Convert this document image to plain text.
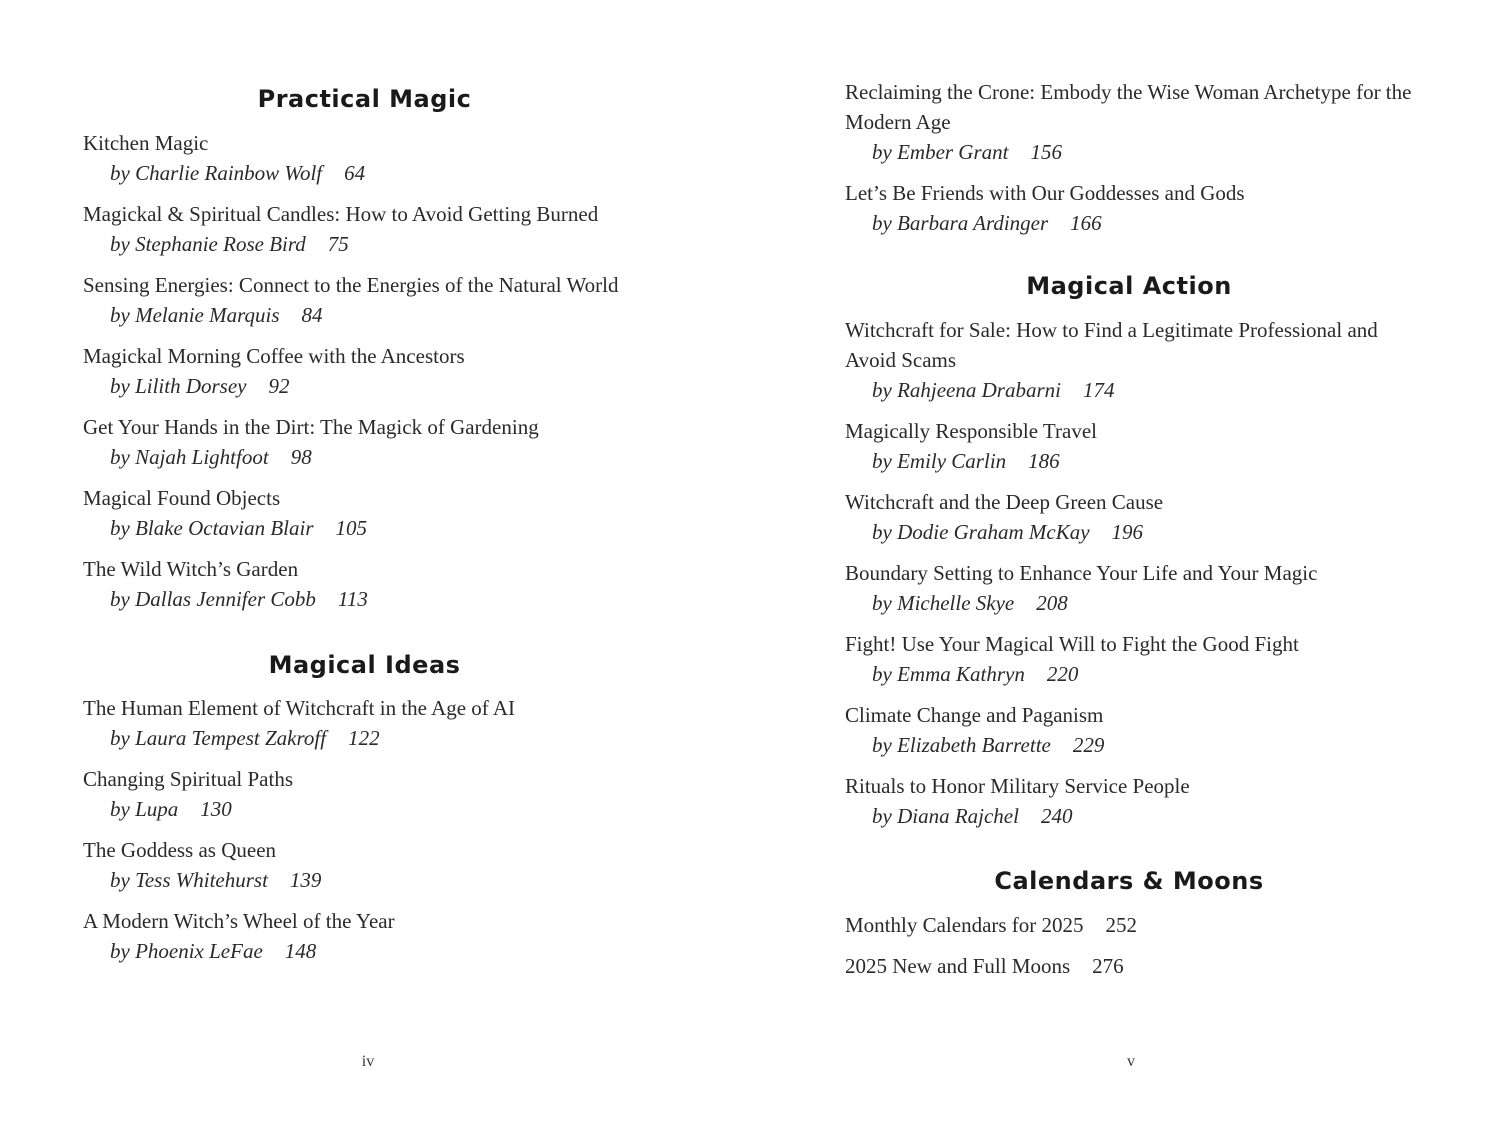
Practical Magic
Kitchen Magic
by Charlie Rainbow Wolf 64
Magickal & Spiritual Candles: How to Avoid Getting Burned
by Stephanie Rose Bird 75
Sensing Energies: Connect to the Energies of the Natural World
by Melanie Marquis 84
Magickal Morning Coffee with the Ancestors
by Lilith Dorsey 92
Get Your Hands in the Dirt: The Magick of Gardening
by Najah Lightfoot 98
Magical Found Objects
by Blake Octavian Blair 105
The Wild Witch’s Garden
by Dallas Jennifer Cobb 113
Magical Ideas
The Human Element of Witchcraft in the Age of AI
by Laura Tempest Zakroff 122
Changing Spiritual Paths
by Lupa 130
The Goddess as Queen
by Tess Whitehurst 139
A Modern Witch’s Wheel of the Year
by Phoenix LeFae 148
iv
Reclaiming the Crone: Embody the Wise Woman Archetype for the
Modern Age
by Ember Grant 156
Let’s Be Friends with Our Goddesses and Gods
by Barbara Ardinger 166
Magical Action
Witchcraft for Sale: How to Find a Legitimate Professional and
Avoid Scams
by Rahjeena Drabarni 174
Magically Responsible Travel
by Emily Carlin 186
Witchcraft and the Deep Green Cause
by Dodie Graham McKay 196
Boundary Setting to Enhance Your Life and Your Magic
by Michelle Skye 208
Fight! Use Your Magical Will to Fight the Good Fight
by Emma Kathryn 220
Climate Change and Paganism
by Elizabeth Barrette 229
Rituals to Honor Military Service People
by Diana Rajchel 240
Calendars & Moons
Monthly Calendars for 2025 252
2025 New and Full Moons 276
v
